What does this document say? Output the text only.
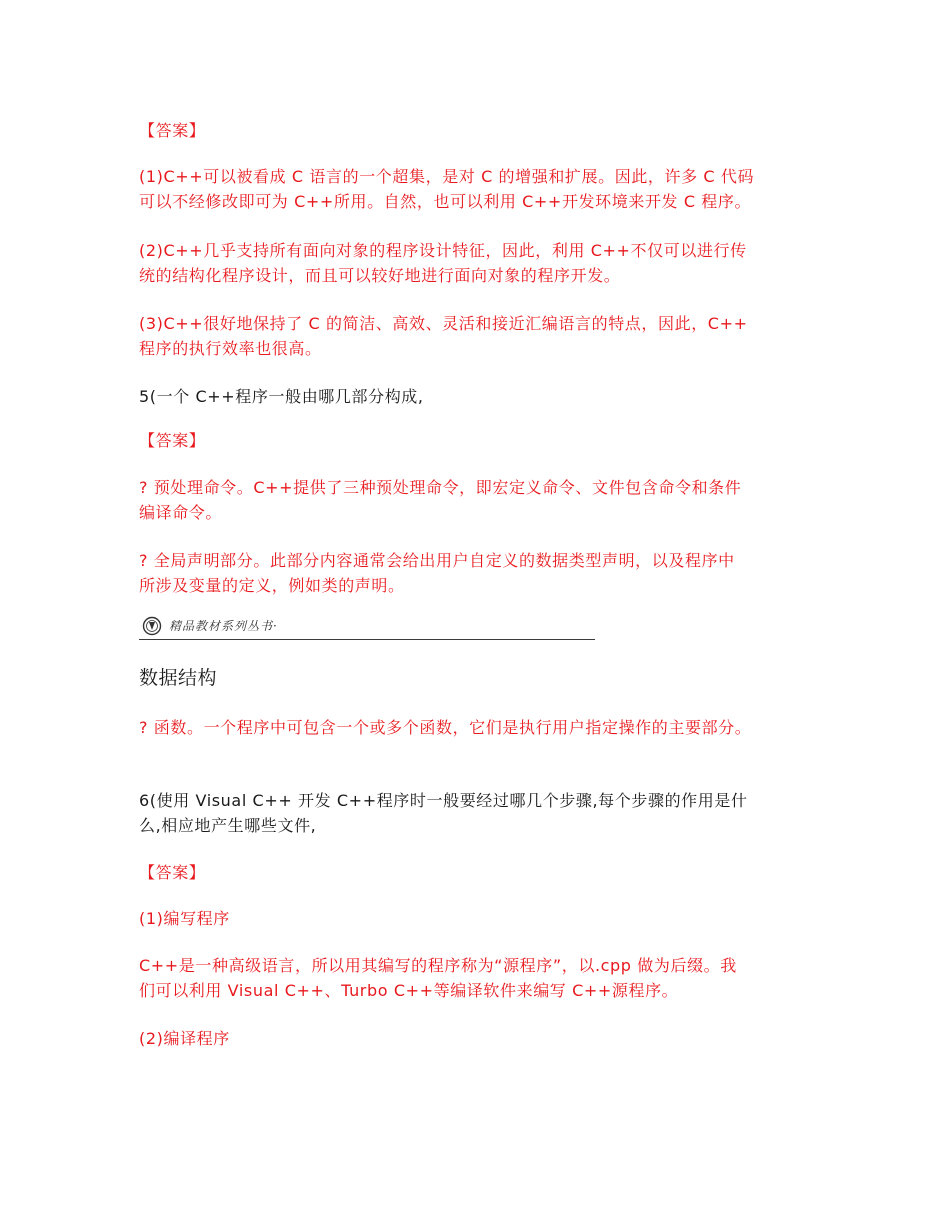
【答案】

(1)C++可以被看成 C 语言的一个超集，是对 C 的增强和扩展。因此，许多 C 代码
可以不经修改即可为 C++所用。自然，也可以利用 C++开发环境来开发 C 程序。

(2)C++几乎支持所有面向对象的程序设计特征，因此，利用 C++不仅可以进行传
统的结构化程序设计，而且可以较好地进行面向对象的程序开发。

(3)C++很好地保持了 C 的简洁、高效、灵活和接近汇编语言的特点，因此，C++
程序的执行效率也很高。

5(一个 C++程序一般由哪几部分构成,

【答案】

? 预处理命令。C++提供了三种预处理命令，即宏定义命令、文件包含命令和条件
编译命令。

? 全局声明部分。此部分内容通常会给出用户自定义的数据类型声明，以及程序中
所涉及变量的定义，例如类的声明。

精品教材系列丛书·

数据结构

? 函数。一个程序中可包含一个或多个函数，它们是执行用户指定操作的主要部分。

6(使用 Visual C++ 开发 C++程序时一般要经过哪几个步骤,每个步骤的作用是什
么,相应地产生哪些文件,

【答案】

(1)编写程序

C++是一种高级语言，所以用其编写的程序称为“源程序”，以.cpp 做为后缀。我
们可以利用 Visual C++、Turbo C++等编译软件来编写 C++源程序。

(2)编译程序
